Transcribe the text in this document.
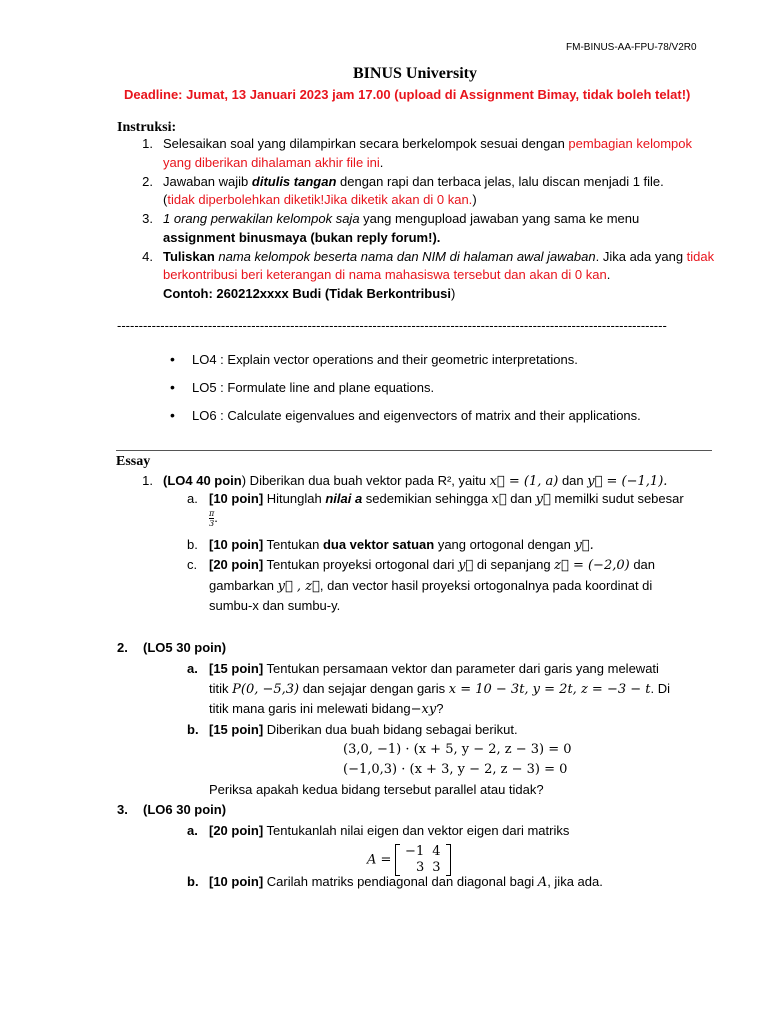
FM-BINUS-AA-FPU-78/V2R0
BINUS University
Deadline: Jumat, 13 Januari 2023 jam 17.00 (upload di Assignment Bimay, tidak boleh telat!)
Instruksi:
1. Selesaikan soal yang dilampirkan secara berkelompok sesuai dengan pembagian kelompok
yang diberikan dihalaman akhir file ini.
2. Jawaban wajib ditulis tangan dengan rapi dan terbaca jelas, lalu discan menjadi 1 file.
(tidak diperbolehkan diketik!Jika diketik akan di 0 kan.)
3. 1 orang perwakilan kelompok saja yang mengupload jawaban yang sama ke menu
assignment binusmaya (bukan reply forum!).
4. Tuliskan nama kelompok beserta nama dan NIM di halaman awal jawaban. Jika ada yang tidak
berkontribusi beri keterangan di nama mahasiswa tersebut dan akan di 0 kan.
Contoh: 260212xxxx Budi (Tidak Berkontribusi)
-------------------------------------------------------------------------------------------------------------------------------
• LO4 : Explain vector operations and their geometric interpretations.
• LO5 : Formulate line and plane equations.
• LO6 : Calculate eigenvalues and eigenvectors of matrix and their applications.
Essay
1. (LO4 40 poin) Diberikan dua buah vektor pada R², yaitu x⃗ = (1, a) dan y⃗ = (−1,1).
a. [10 poin] Hitunglah nilai a sedemikian sehingga x⃗ dan y⃗ memilki sudut sebesar
$\frac{\pi}{3}$ .
b. [10 poin] Tentukan dua vektor satuan yang ortogonal dengan y⃗.
c. [20 poin] Tentukan proyeksi ortogonal dari y⃗ di sepanjang z⃗ = (−2,0) dan
gambarkan y⃗ , z⃗, dan vector hasil proyeksi ortogonalnya pada koordinat di
sumbu-x dan sumbu-y.
2. (LO5 30 poin)
a. [15 poin] Tentukan persamaan vektor dan parameter dari garis yang melewati
titik P(0, −5,3) dan sejajar dengan garis x = 10 − 3t, y = 2t, z = −3 − t. Di
titik mana garis ini melewati bidang−xy?
b. [15 poin] Diberikan dua buah bidang sebagai berikut.
(3,0, −1) · (x + 5, y − 2, z − 3) = 0
(−1,0,3) · (x + 3, y − 2, z − 3) = 0
Periksa apakah kedua bidang tersebut parallel atau tidak?
3. (LO6 30 poin)
a. [20 poin] Tentukanlah nilai eigen dan vektor eigen dari matriks
A =
−1	4
3	3
b. [10 poin] Carilah matriks pendiagonal dan diagonal bagi A, jika ada.
